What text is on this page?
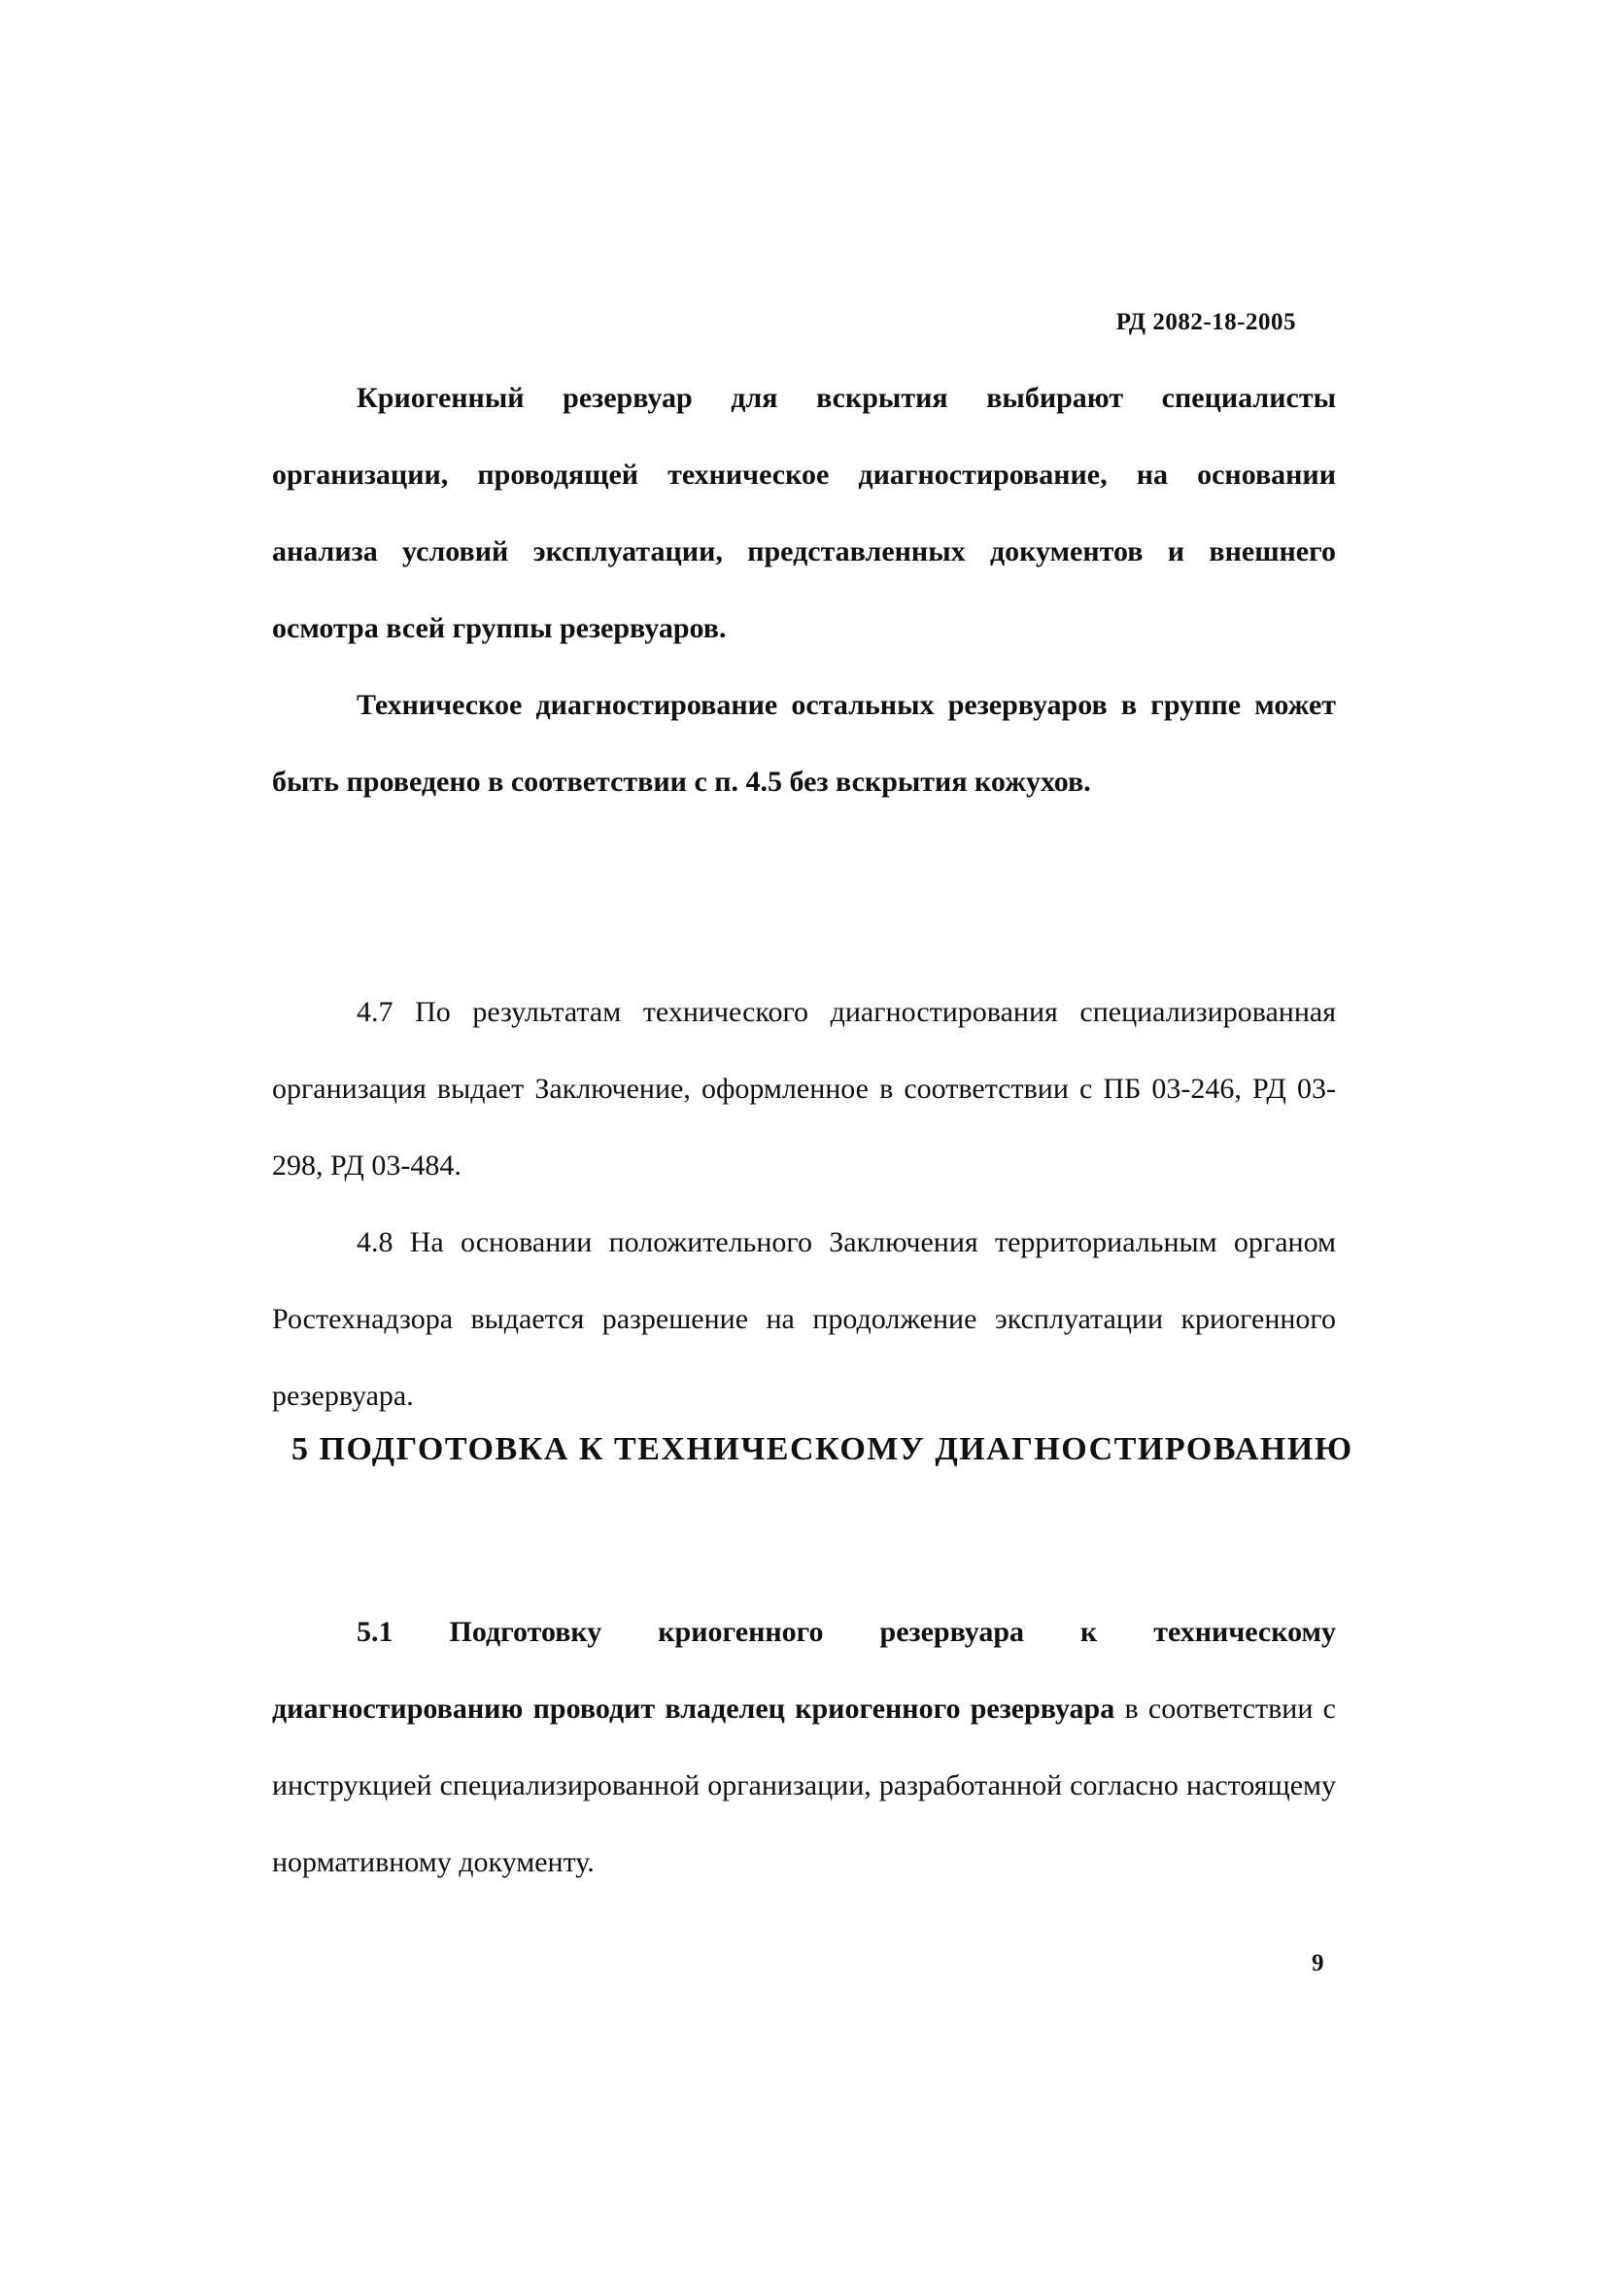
РД 2082-18-2005

Криогенный резервуар для вскрытия выбирают специалисты организации, проводящей техническое диагностирование, на основании анализа условий эксплуатации, представленных документов и внешнего осмотра всей группы резервуаров.

Техническое диагностирование остальных резервуаров в группе может быть проведено в соответствии с п. 4.5 без вскрытия кожухов.

4.7 По результатам технического диагностирования специализированная организация выдает Заключение, оформленное в соответствии с ПБ 03-246, РД 03-298, РД 03-484.

4.8 На основании положительного Заключения территориальным органом Ростехнадзора выдается разрешение на продолжение эксплуатации криогенного резервуара.

5 ПОДГОТОВКА К ТЕХНИЧЕСКОМУ ДИАГНОСТИРОВАНИЮ

5.1 Подготовку криогенного резервуара к техническому диагностированию проводит владелец криогенного резервуара в соответствии с инструкцией специализированной организации, разработанной согласно настоящему нормативному документу.

9
